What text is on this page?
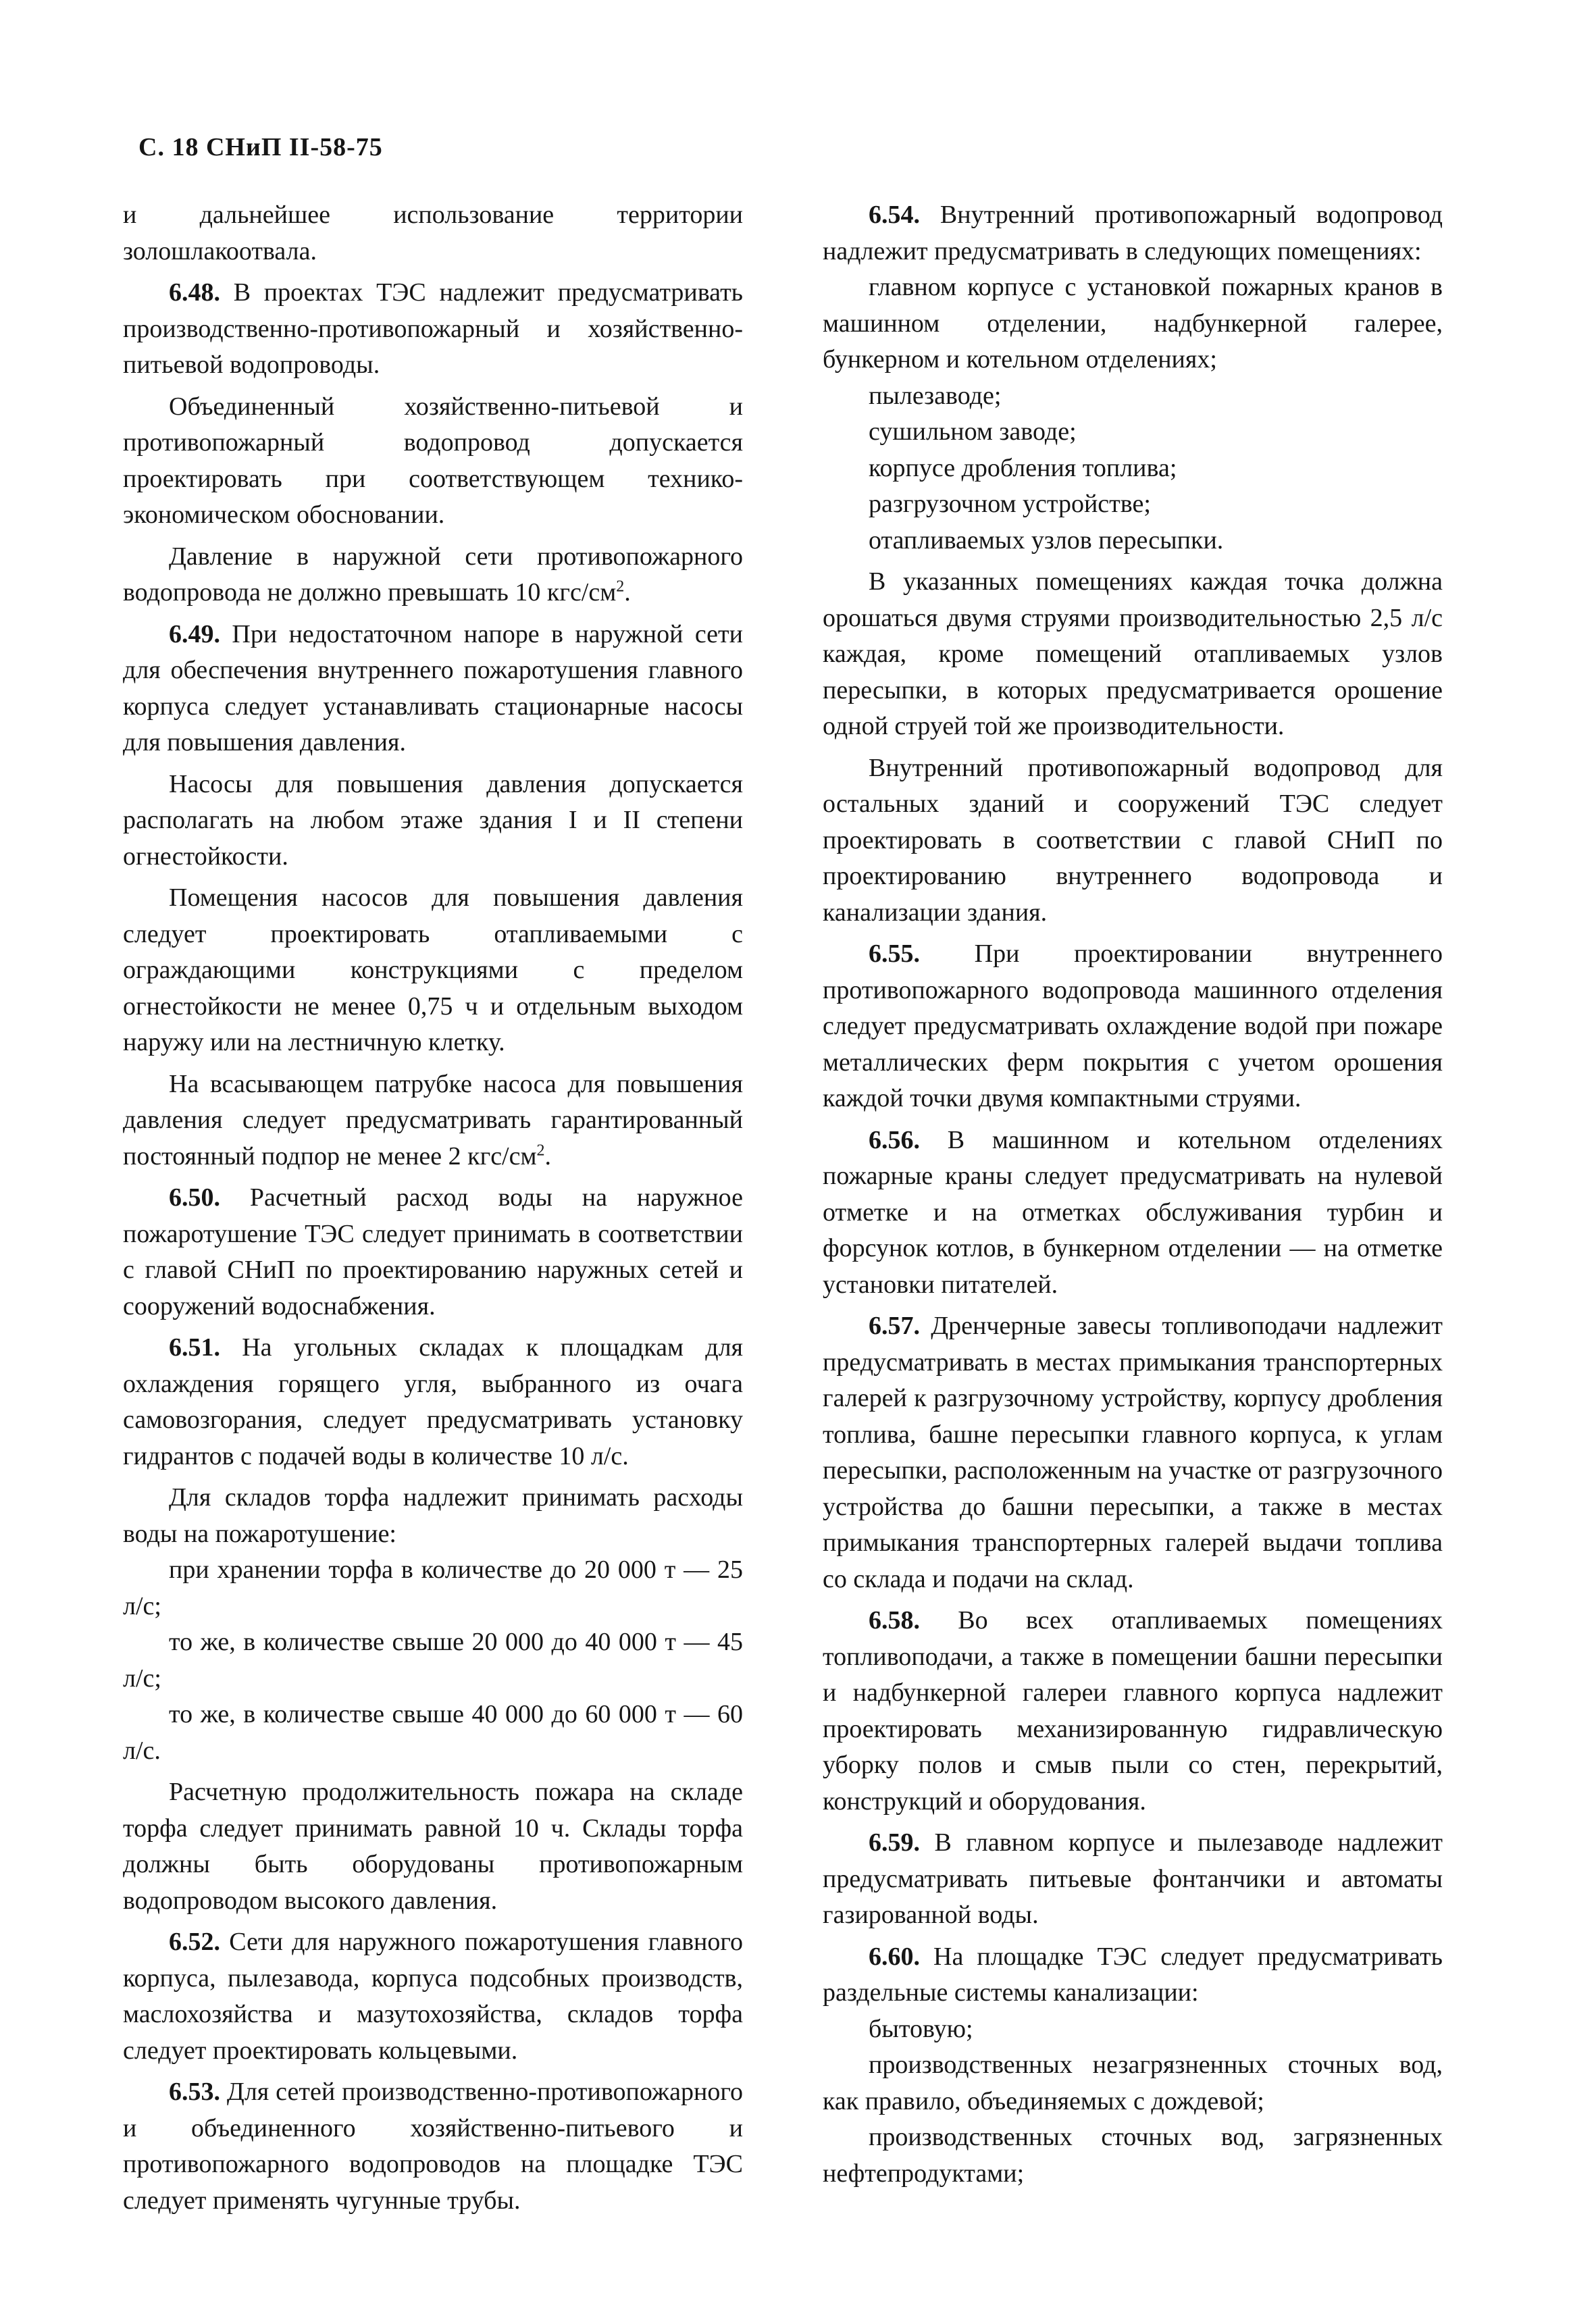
С. 18 СНиП II-58-75

и дальнейшее использование территории золошлакоотвала.

6.48. В проектах ТЭС надлежит предусматривать производственно-противопожарный и хозяйственно-питьевой водопроводы.

Объединенный хозяйственно-питьевой и противопожарный водопровод допускается проектировать при соответствующем технико-экономическом обосновании.

Давление в наружной сети противопожарного водопровода не должно превышать 10 кгс/$см^2$.

6.49. При недостаточном напоре в наружной сети для обеспечения внутреннего пожаротушения главного корпуса следует устанавливать стационарные насосы для повышения давления.

Насосы для повышения давления допускается располагать на любом этаже здания I и II степени огнестойкости.

Помещения насосов для повышения давления следует проектировать отапливаемыми с ограждающими конструкциями с пределом огнестойкости не менее 0,75 ч и отдельным выходом наружу или на лестничную клетку.

На всасывающем патрубке насоса для повышения давления следует предусматривать гарантированный постоянный подпор не менее 2 кгс/$см^2$.

6.50. Расчетный расход воды на наружное пожаротушение ТЭС следует принимать в соответствии с главой СНиП по проектированию наружных сетей и сооружений водоснабжения.

6.51. На угольных складах к площадкам для охлаждения горящего угля, выбранного из очага самовозгорания, следует предусматривать установку гидрантов с подачей воды в количестве 10 л/с.

Для складов торфа надлежит принимать расходы воды на пожаротушение:

при хранении торфа в количестве до 20 000 т — 25 л/с;

то же, в количестве свыше 20 000 до 40 000 т — 45 л/с;

то же, в количестве свыше 40 000 до 60 000 т — 60 л/с.

Расчетную продолжительность пожара на складе торфа следует принимать равной 10 ч. Склады торфа должны быть оборудованы противопожарным водопроводом высокого давления.

6.52. Сети для наружного пожаротушения главного корпуса, пылезавода, корпуса подсобных производств, маслохозяйства и мазутохозяйства, складов торфа следует проектировать кольцевыми.

6.53. Для сетей производственно-противопожарного и объединенного хозяйственно-питьевого и противопожарного водопроводов на площадке ТЭС следует применять чугунные трубы.

6.54. Внутренний противопожарный водопровод надлежит предусматривать в следующих помещениях:

главном корпусе с установкой пожарных кранов в машинном отделении, надбункерной галерее, бункерном и котельном отделениях;

пылезаводе;

сушильном заводе;

корпусе дробления топлива;

разгрузочном устройстве;

отапливаемых узлов пересыпки.

В указанных помещениях каждая точка должна орошаться двумя струями производительностью 2,5 л/с каждая, кроме помещений отапливаемых узлов пересыпки, в которых предусматривается орошение одной струей той же производительности.

Внутренний противопожарный водопровод для остальных зданий и сооружений ТЭС следует проектировать в соответствии с главой СНиП по проектированию внутреннего водопровода и канализации здания.

6.55. При проектировании внутреннего противопожарного водопровода машинного отделения следует предусматривать охлаждение водой при пожаре металлических ферм покрытия с учетом орошения каждой точки двумя компактными струями.

6.56. В машинном и котельном отделениях пожарные краны следует предусматривать на нулевой отметке и на отметках обслуживания турбин и форсунок котлов, в бункерном отделении — на отметке установки питателей.

6.57. Дренчерные завесы топливоподачи надлежит предусматривать в местах примыкания транспортерных галерей к разгрузочному устройству, корпусу дробления топлива, башне пересыпки главного корпуса, к углам пересыпки, расположенным на участке от разгрузочного устройства до башни пересыпки, а также в местах примыкания транспортерных галерей выдачи топлива со склада и подачи на склад.

6.58. Во всех отапливаемых помещениях топливоподачи, а также в помещении башни пересыпки и надбункерной галереи главного корпуса надлежит проектировать механизированную гидравлическую уборку полов и смыв пыли со стен, перекрытий, конструкций и оборудования.

6.59. В главном корпусе и пылезаводе надлежит предусматривать питьевые фонтанчики и автоматы газированной воды.

6.60. На площадке ТЭС следует предусматривать раздельные системы канализации:

бытовую;

производственных незагрязненных сточных вод, как правило, объединяемых с дождевой;

производственных сточных вод, загрязненных нефтепродуктами;
